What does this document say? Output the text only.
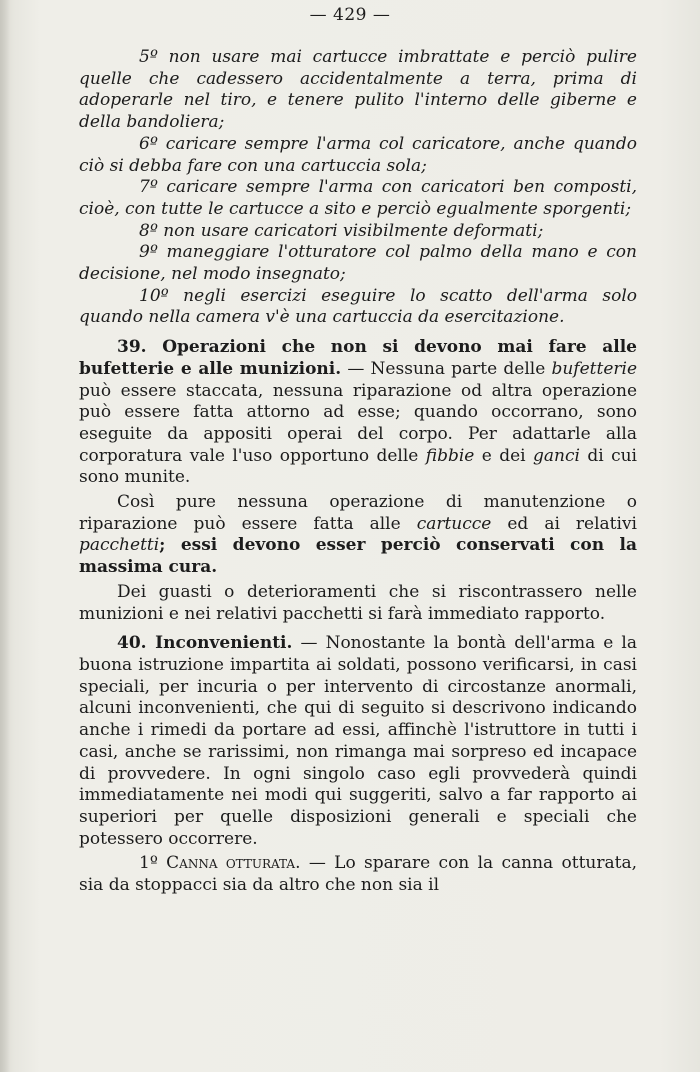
— 429 —

5º non usare mai cartucce imbrattate e perciò pulire quelle che cadessero accidentalmente a terra, prima di adoperarle nel tiro, e tenere pulito l'interno delle giberne e della bandoliera;

6º caricare sempre l'arma col caricatore, anche quando ciò si debba fare con una cartuccia sola;

7º caricare sempre l'arma con caricatori ben composti, cioè, con tutte le cartucce a sito e perciò egualmente sporgenti;

8º non usare caricatori visibilmente deformati;

9º maneggiare l'otturatore col palmo della mano e con decisione, nel modo insegnato;

10º negli esercizi eseguire lo scatto dell'arma solo quando nella camera v'è una cartuccia da esercitazione.

39. Operazioni che non si devono mai fare alle bufetterie e alle munizioni. — Nessuna parte delle bufetterie può essere staccata, nessuna riparazione od altra operazione può essere fatta attorno ad esse; quando occorrano, sono eseguite da appositi operai del corpo. Per adattarle alla corporatura vale l'uso opportuno delle fibbie e dei ganci di cui sono munite.

Così pure nessuna operazione di manutenzione o riparazione può essere fatta alle cartucce ed ai relativi pacchetti; essi devono esser perciò conservati con la massima cura.

Dei guasti o deterioramenti che si riscontrassero nelle munizioni e nei relativi pacchetti si farà immediato rapporto.

40. Inconvenienti. — Nonostante la bontà dell'arma e la buona istruzione impartita ai soldati, possono verificarsi, in casi speciali, per incuria o per intervento di circostanze anormali, alcuni inconvenienti, che qui di seguito si descrivono indicando anche i rimedi da portare ad essi, affinchè l'istruttore in tutti i casi, anche se rarissimi, non rimanga mai sorpreso ed incapace di provvedere. In ogni singolo caso egli provvederà quindi immediatamente nei modi qui suggeriti, salvo a far rapporto ai superiori per quelle disposizioni generali e speciali che potessero occorrere.

1º Canna otturata. — Lo sparare con la canna otturata, sia da stoppacci sia da altro che non sia il
